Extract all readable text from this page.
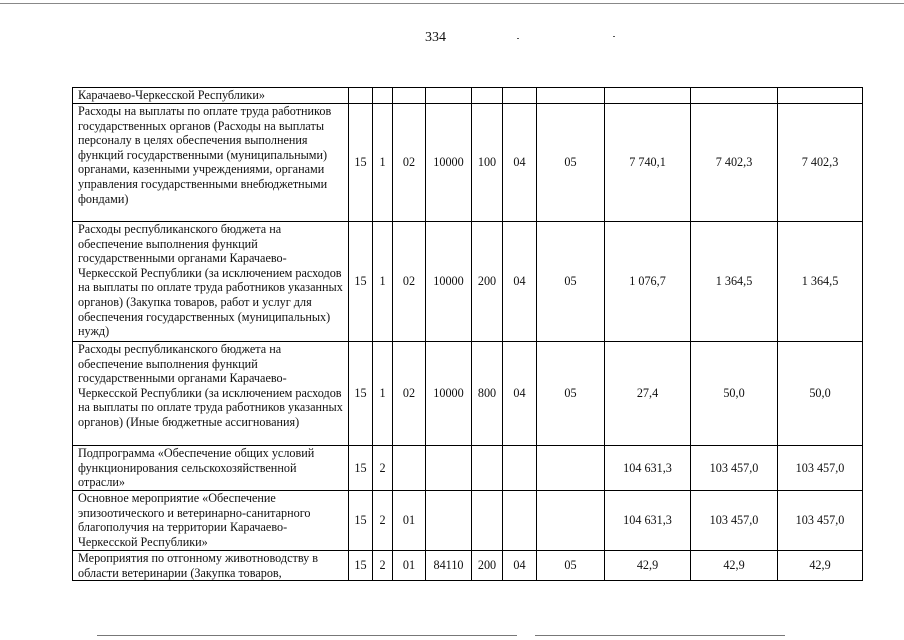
334
Карачаево-Черкесской Республики»										
Расходы на выплаты по оплате труда работников государственных органов (Расходы на выплаты персоналу в целях обеспечения выполнения функций государственными (муниципальными) органами, казенными учреждениями, органами управления государственными внебюджетными фондами)	15	1	02	10000	100	04	05	7 740,1	7 402,3	7 402,3
Расходы республиканского бюджета на обеспечение выполнения функций государственными органами Карачаево-Черкесской Республики (за исключением расходов на выплаты по оплате труда работников указанных органов) (Закупка товаров, работ и услуг для обеспечения государственных (муниципальных) нужд)	15	1	02	10000	200	04	05	1 076,7	1 364,5	1 364,5
Расходы республиканского бюджета на обеспечение выполнения функций государственными органами Карачаево-Черкесской Республики (за исключением расходов на выплаты по оплате труда работников указанных органов) (Иные бюджетные ассигнования)	15	1	02	10000	800	04	05	27,4	50,0	50,0
Подпрограмма «Обеспечение общих условий функционирования сельскохозяйственной отрасли»	15	2						104 631,3	103 457,0	103 457,0
Основное мероприятие «Обеспечение эпизоотического и ветеринарно-санитарного благополучия на территории Карачаево-Черкесской Республики»	15	2	01					104 631,3	103 457,0	103 457,0
Мероприятия по отгонному животноводству в области ветеринарии (Закупка товаров,	15	2	01	84110	200	04	05	42,9	42,9	42,9
